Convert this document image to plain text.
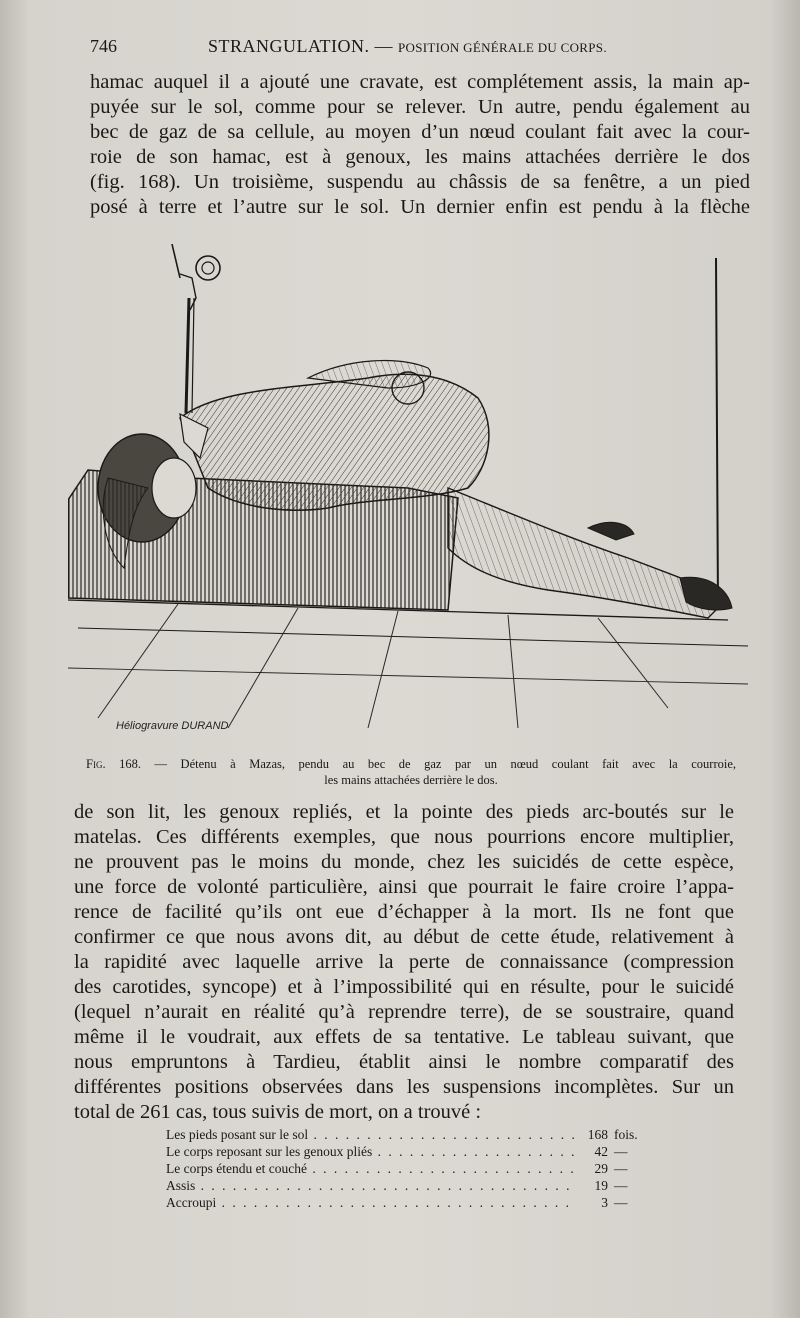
746	STRANGULATION. — POSITION GÉNÉRALE DU CORPS.
hamac auquel il a ajouté une cravate, est complétement assis, la main ap-
puyée sur le sol, comme pour se relever. Un autre, pendu également au
bec de gaz de sa cellule, au moyen d’un nœud coulant fait avec la cour-
roie de son hamac, est à genoux, les mains attachées derrière le dos
(fig. 168). Un troisième, suspendu au châssis de sa fenêtre, a un pied
posé à terre et l’autre sur le sol. Un dernier enfin est pendu à la flèche
Héliogravure DURAND
Fig. 168. — Détenu à Mazas, pendu au bec de gaz par un nœud coulant fait avec la courroie,
les mains attachées derrière le dos.
de son lit, les genoux repliés, et la pointe des pieds arc-boutés sur le
matelas. Ces différents exemples, que nous pourrions encore multiplier,
ne prouvent pas le moins du monde, chez les suicidés de cette espèce,
une force de volonté particulière, ainsi que pourrait le faire croire l’appa-
rence de facilité qu’ils ont eue d’échapper à la mort. Ils ne font que
confirmer ce que nous avons dit, au début de cette étude, relativement à
la rapidité avec laquelle arrive la perte de connaissance (compression
des carotides, syncope) et à l’impossibilité qui en résulte, pour le suicidé
(lequel n’aurait en réalité qu’à reprendre terre), de se soustraire, quand
même il le voudrait, aux effets de sa tentative. Le tableau suivant, que
nous empruntons à Tardieu, établit ainsi le nombre comparatif des
différentes positions observées dans les suspensions incomplètes. Sur un
total de 261 cas, tous suivis de mort, on a trouvé :
Les pieds posant sur le sol . . .	168 fois.
Le corps reposant sur les genoux pliés . . .	42 —
Le corps étendu et couché . . .	29 —
Assis . . .	19 —
Accroupi . . .	3 —
